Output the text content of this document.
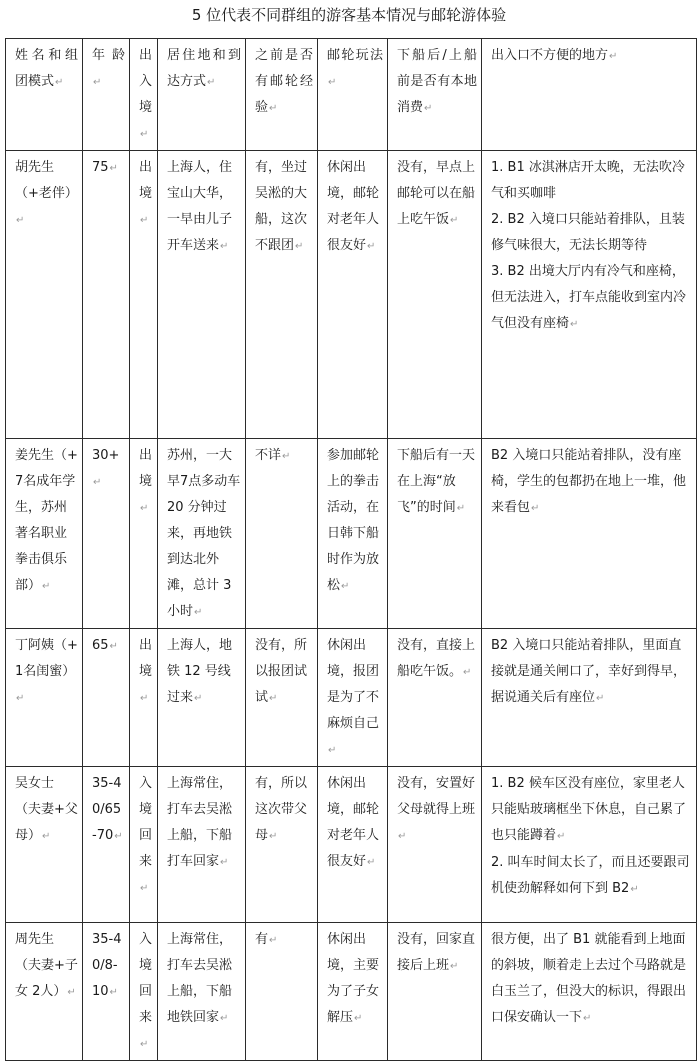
5 位代表不同群组的游客基本情况与邮轮游体验
姓名和组团模式↵	年龄↵	出入境↵	居住地和到达方式↵	之前是否有邮轮经验↵	邮轮玩法↵	下船后/上船前是否有本地消费↵	出入口不方便的地方↵
胡先生（+老伴）↵	75↵	出境↵	上海人，住宝山大华，一早由儿子开车送来↵	有，坐过吴淞的大船，这次不跟团↵	休闲出境，邮轮对老年人很友好↵	没有，早点上邮轮可以在船上吃午饭↵	1. B1 冰淇淋店开太晚，无法吹冷气和买咖啡
2. B2 入境口只能站着排队，且装修气味很大，无法长期等待
3. B2 出境大厅内有冷气和座椅，但无法进入，打车点能收到室内冷气但没有座椅↵

姜先生（+7名成年学生，苏州著名职业拳击俱乐部）↵	30+↵	出境↵	苏州，一大早7点多动车 20 分钟过来，再地铁到达北外滩，总计 3 小时↵	不详↵	参加邮轮上的拳击活动，在日韩下船时作为放松↵	下船后有一天在上海“放飞”的时间↵	B2 入境口只能站着排队，没有座椅，学生的包都扔在地上一堆，他来看包↵

丁阿姨（+1名闺蜜）↵	65↵	出境↵	上海人，地铁 12 号线过来↵	没有，所以报团试试↵	休闲出境，报团是为了不麻烦自己↵	没有，直接上船吃午饭。↵	B2 入境口只能站着排队，里面直接就是通关闸口了，幸好到得早，据说通关后有座位↵

吴女士（夫妻+父母）↵	35-40/65-70↵	入境回来↵	上海常住，打车去吴淞上船，下船打车回家↵	有，所以这次带父母↵	休闲出境，邮轮对老年人很友好↵	没有，安置好父母就得上班↵	1. B2 候车区没有座位，家里老人只能贴玻璃框坐下休息，自己累了也只能蹲着↵
2. 叫车时间太长了，而且还要跟司机使劲解释如何下到 B2↵

周先生（夫妻+子女 2人）↵	35-40/8-10↵	入境回来↵	上海常住，打车去吴淞上船，下船地铁回家↵	有↵	休闲出境，主要为了子女解压↵	没有，回家直接后上班↵	很方便，出了 B1 就能看到上地面的斜坡，顺着走上去过个马路就是白玉兰了，但没大的标识，得跟出口保安确认一下↵
